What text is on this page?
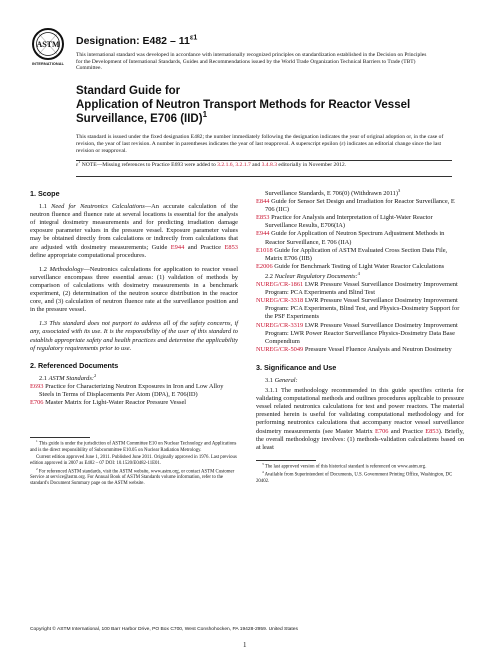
ASTM
INTERNATIONAL
Designation: $E482 - 11^{\varepsilon 1}$
This international standard was developed in accordance with internationally recognized principles on standardization established in the Decision on Principles for the Development of International Standards, Guides and Recommendations issued by the World Trade Organization Technical Barriers to Trade (TBT) Committee.
Standard Guide for
Application of Neutron Transport Methods for Reactor Vessel Surveillance, E706 (IID)$^1$
This standard is issued under the fixed designation E482; the number immediately following the designation indicates the year of original adoption or, in the case of revision, the year of last revision. A number in parentheses indicates the year of last reapproval. A superscript epsilon (ε) indicates an editorial change since the last revision or reapproval.
$\varepsilon^1$ NOTE—Missing references to Practice E693 were added to 3.2.1.6, 3.2.1.7 and 3.4.8.3 editorially in November 2012.
1. Scope

1.1 Need for Neutronics Calculations—An accurate calculation of the neutron fluence and fluence rate at several locations is essential for the analysis of integral dosimetry measurements and for predicting irradiation damage exposure parameter values in the pressure vessel. Exposure parameter values may be obtained directly from calculations or indirectly from calculations that are adjusted with dosimetry measurements; Guide E944 and Practice E853 define appropriate computational procedures.

1.2 Methodology—Neutronics calculations for application to reactor vessel surveillance encompass three essential areas: (1) validation of methods by comparison of calculations with dosimetry measurements in a benchmark experiment, (2) determination of the neutron source distribution in the reactor core, and (3) calculation of neutron fluence rate at the surveillance position and in the pressure vessel.

1.3 This standard does not purport to address all of the safety concerns, if any, associated with its use. It is the responsibility of the user of this standard to establish appropriate safety and health practices and determine the applicability of regulatory requirements prior to use.

2. Referenced Documents

2.1 ASTM Standards:$^2$

E693 Practice for Characterizing Neutron Exposures in Iron and Low Alloy Steels in Terms of Displacements Per Atom (DPA), E 706(ID)

E706 Master Matrix for Light-Water Reactor Pressure Vessel

$^1$ This guide is under the jurisdiction of ASTM Committee E10 on Nuclear Technology and Applications and is the direct responsibility of Subcommittee E10.05 on Nuclear Radiation Metrology.

Current edition approved June 1, 2011. Published June 2011. Originally approved in 1976. Last previous edition approved in 2007 as E482 – 07 DOI: 10.1520/E0482-11E01.

$^2$ For referenced ASTM standards, visit the ASTM website, www.astm.org, or contact ASTM Customer Service at service@astm.org. For Annual Book of ASTM Standards volume information, refer to the standard's Document Summary page on the ASTM website.

Surveillance Standards, E 706(0) (Withdrawn 2011)$^3$

E844 Guide for Sensor Set Design and Irradiation for Reactor Surveillance, E 706 (IIC)

E853 Practice for Analysis and Interpretation of Light-Water Reactor Surveillance Results, E706(IA)

E944 Guide for Application of Neutron Spectrum Adjustment Methods in Reactor Surveillance, E 706 (IIA)

E1018 Guide for Application of ASTM Evaluated Cross Section Data File, Matrix E706 (IIB)

E2006 Guide for Benchmark Testing of Light Water Reactor Calculations

2.2 Nuclear Regulatory Documents:$^4$

NUREG/CR-1861 LWR Pressure Vessel Surveillance Dosimetry Improvement Program: PCA Experiments and Blind Test

NUREG/CR-3318 LWR Pressure Vessel Surveillance Dosimetry Improvement Program: PCA Experiments, Blind Test, and Physics-Dosimetry Support for the PSF Experiments

NUREG/CR-3319 LWR Pressure Vessel Surveillance Dosimetry Improvement Program: LWR Power Reactor Surveillance Physics-Dosimetry Data Base Compendium

NUREG/CR-5049 Pressure Vessel Fluence Analysis and Neutron Dosimetry

3. Significance and Use

3.1 General:

3.1.1 The methodology recommended in this guide specifies criteria for validating computational methods and outlines procedures applicable to pressure vessel related neutronics calculations for test and power reactors. The material presented herein is useful for validating computational methodology and for performing neutronics calculations that accompany reactor vessel surveillance dosimetry measurements (see Master Matrix E706 and Practice E853). Briefly, the overall methodology involves: (1) methods-validation calculations based on at least

$^3$ The last approved version of this historical standard is referenced on www.astm.org.

$^4$ Available from Superintendent of Documents, U.S. Government Printing Office, Washington, DC 20402.

Copyright © ASTM International, 100 Barr Harbor Drive, PO Box C700, West Conshohocken, PA 19428-2959. United States
1
